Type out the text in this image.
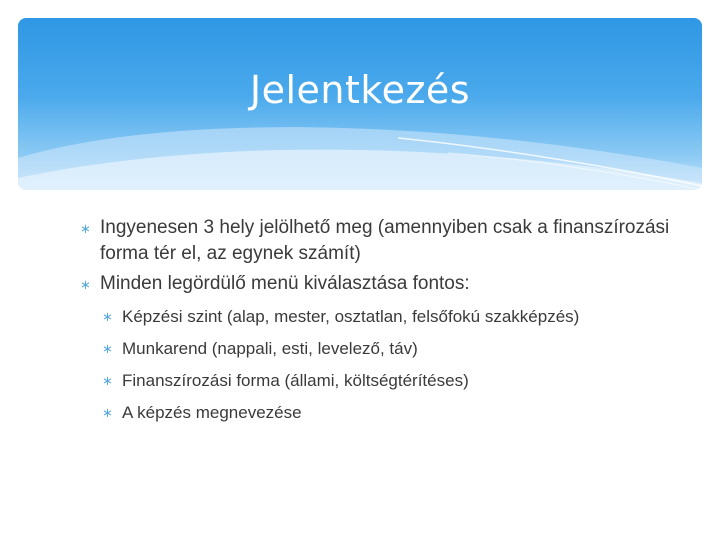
Jelentkezés
∗ Ingyenesen 3 hely jelölhető meg (amennyiben csak a finanszírozási forma tér el, az egynek számít)
∗ Minden legördülő menü kiválasztása fontos:
∗ Képzési szint (alap, mester, osztatlan, felsőfokú szakképzés)
∗ Munkarend (nappali, esti, levelező, táv)
∗ Finanszírozási forma (állami, költségtérítéses)
∗ A képzés megnevezése
